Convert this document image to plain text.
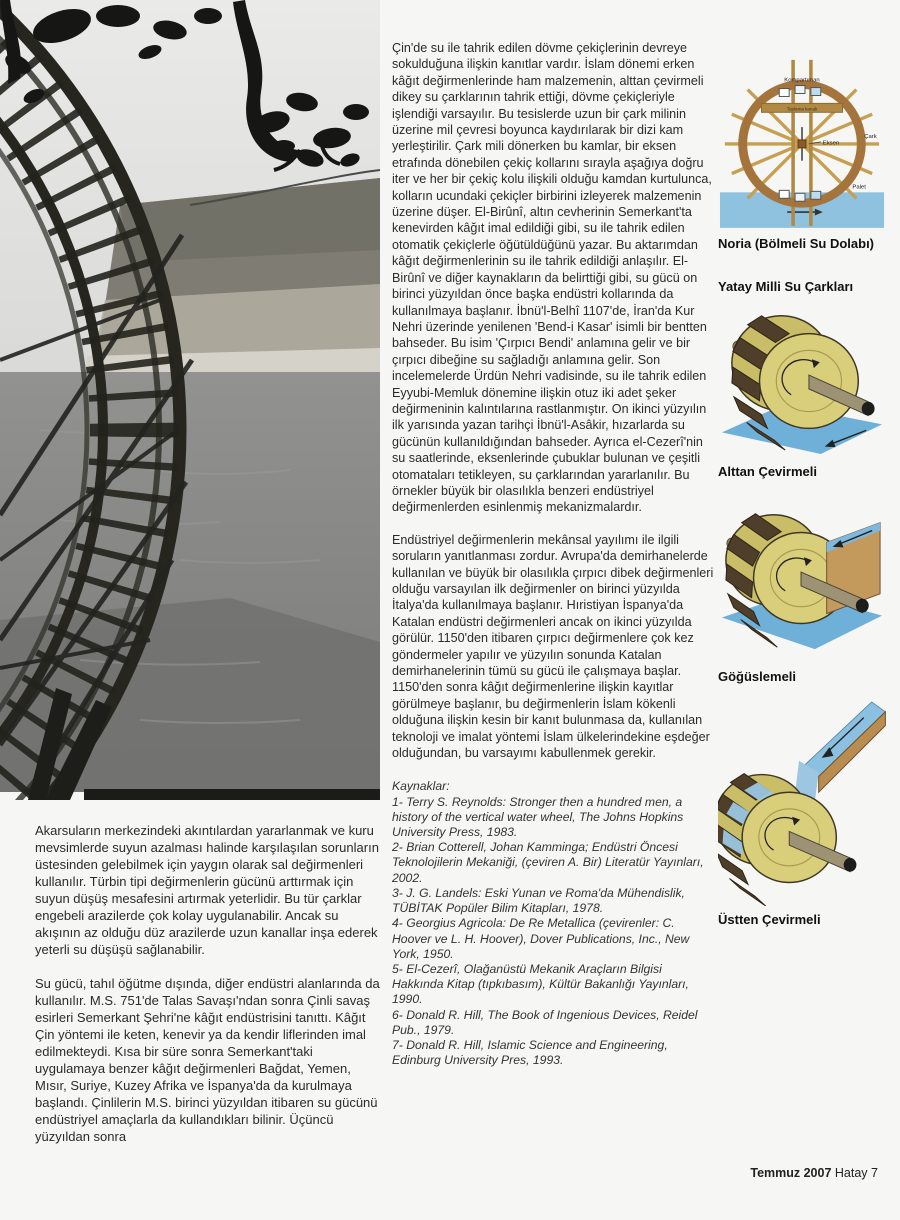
Akarsuların merkezindeki akıntılardan yararlanmak ve kuru mevsimlerde suyun azalması halinde karşılaşılan sorunların üstesinden gelebilmek için yaygın olarak sal değirmenleri kullanılır. Türbin tipi değirmenlerin gücünü arttırmak için suyun düşüş mesafesini artırmak yeterlidir. Bu tür çarklar engebeli arazilerde çok kolay uygulanabilir. Ancak su akışının az olduğu düz arazilerde uzun kanallar inşa ederek yeterli su düşüşü sağlanabilir.

Su gücü, tahıl öğütme dışında, diğer endüstri alanlarında da kullanılır. M.S. 751'de Talas Savaşı'ndan sonra Çinli savaş esirleri Semerkant Şehri'ne kâğıt endüstrisini tanıttı. Kâğıt Çin yöntemi ile keten, kenevir ya da kendir liflerinden imal edilmekteydi. Kısa bir süre sonra Semerkant'taki uygulamaya benzer kâğıt değirmenleri Bağdat, Yemen, Mısır, Suriye, Kuzey Afrika ve İspanya'da da kurulmaya başlandı. Çinlilerin M.S. birinci yüzyıldan itibaren su gücünü endüstriyel amaçlarla da kullandıkları bilinir. Üçüncü yüzyıldan sonra

Çin'de su ile tahrik edilen dövme çekiçlerinin devreye sokulduğuna ilişkin kanıtlar vardır. İslam dönemi erken kâğıt değirmenlerinde ham malzemenin, alttan çevirmeli dikey su çarklarının tahrik ettiği, dövme çekiçleriyle işlendiği varsayılır. Bu tesislerde uzun bir çark milinin üzerine mil çevresi boyunca kaydırılarak bir dizi kam yerleştirilir. Çark mili dönerken bu kamlar, bir eksen etrafında dönebilen çekiç kollarını sırayla aşağıya doğru iter ve her bir çekiç kolu ilişkili olduğu kamdan kurtulunca, kolların ucundaki çekiçler birbirini izleyerek malzemenin üzerine düşer. El-Birûnî, altın cevherinin Semerkant'ta kenevirden kâğıt imal edildiği gibi, su ile tahrik edilen otomatik çekiçlerle öğütüldüğünü yazar. Bu aktarımdan kâğıt değirmenlerinin su ile tahrik edildiği anlaşılır. El-Birûnî ve diğer kaynakların da belirttiği gibi, su gücü on birinci yüzyıldan önce başka endüstri kollarında da kullanılmaya başlanır. İbnü'l-Belhî 1107'de, İran'da Kur Nehri üzerinde yenilenen 'Bend-i Kasar' isimli bir bentten bahseder. Bu isim 'Çırpıcı Bendi' anlamına gelir ve bir çırpıcı dibeğine su sağladığı anlamına gelir. Son incelemelerde Ürdün Nehri vadisinde, su ile tahrik edilen Eyyubi-Memluk dönemine ilişkin otuz iki adet şeker değirmeninin kalıntılarına rastlanmıştır. On ikinci yüzyılın ilk yarısında yazan tarihçi İbnü'l-Asâkir, hızarlarda su gücünün kullanıldığından bahseder. Ayrıca el-Cezerî'nin su saatlerinde, eksenlerinde çubuklar bulunan ve çeşitli otomataları tetikleyen, su çarklarından yararlanılır. Bu örnekler büyük bir olasılıkla benzeri endüstriyel değirmenlerden esinlenmiş mekanizmalardır.

Endüstriyel değirmenlerin mekânsal yayılımı ile ilgili soruların yanıtlanması zordur. Avrupa'da demirhanelerde kullanılan ve büyük bir olasılıkla çırpıcı dibek değirmenleri olduğu varsayılan ilk değirmenler on birinci yüzyılda İtalya'da kullanılmaya başlanır. Hıristiyan İspanya'da Katalan endüstri değirmenleri ancak on ikinci yüzyılda görülür. 1150'den itibaren çırpıcı değirmenlere çok kez göndermeler yapılır ve yüzyılın sonunda Katalan demirhanelerinin tümü su gücü ile çalışmaya başlar. 1150'den sonra kâğıt değirmenlerine ilişkin kayıtlar görülmeye başlanır, bu değirmenlerin İslam kökenli olduğuna ilişkin kesin bir kanıt bulunmasa da, kullanılan teknoloji ve imalat yöntemi İslam ülkelerindekine eşdeğer olduğundan, bu varsayımı kabullenmek gerekir.

Kaynaklar:

1- Terry S. Reynolds: Stronger then a hundred men, a history of the vertical water wheel, The Johns Hopkins University Press, 1983.

2- Brian Cotterell, Johan Kamminga; Endüstri Öncesi Teknolojilerin Mekaniği, (çeviren A. Bir) Literatür Yayınları, 2002.

3- J. G. Landels: Eski Yunan ve Roma'da Mühendislik, TÜBİTAK Popüler Bilim Kitapları, 1978.

4- Georgius Agricola: De Re Metallica (çevirenler: C. Hoover ve L. H. Hoover), Dover Publications, Inc., New York, 1950.

5- El-Cezerî, Olağanüstü Mekanik Araçların Bilgisi Hakkında Kitap (tıpkıbasım), Kültür Bakanlığı Yayınları, 1990.

6- Donald R. Hill, The Book of Ingenious Devices, Reidel Pub., 1979.

7- Donald R. Hill, Islamic Science and Engineering, Edinburg University Pres, 1993.

Kompartıman
Toplama kanalı
Eksen
Çark
Palet

Noria (Bölmeli Su Dolabı)

Yatay Milli Su Çarkları

Alttan Çevirmeli

Göğüslemeli

Üstten Çevirmeli

Temmuz 2007 Hatay 7
